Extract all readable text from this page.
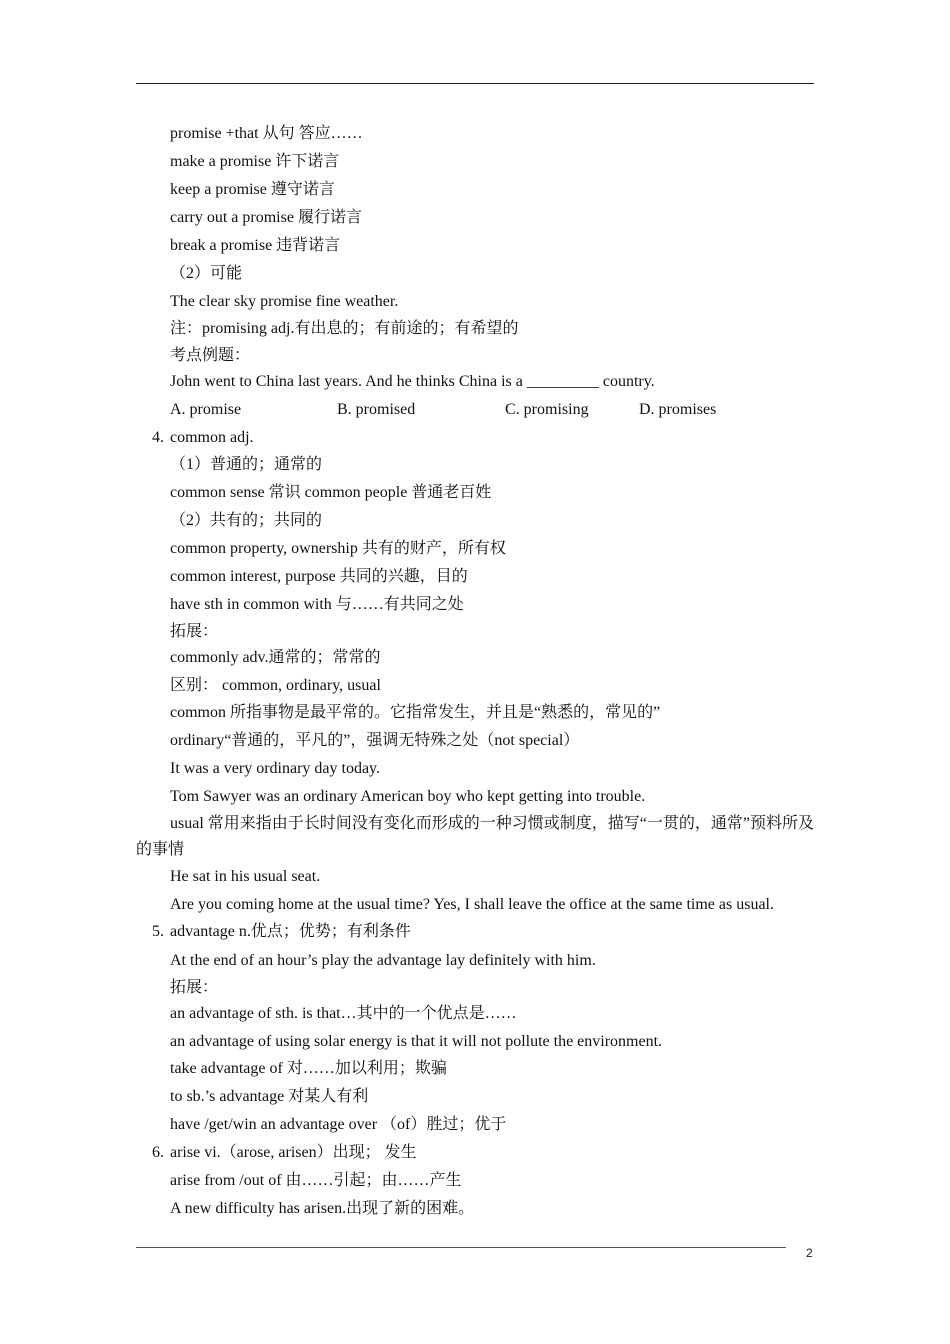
promise +that 从句 答应……
make a promise 许下诺言
keep a promise 遵守诺言
carry out a promise 履行诺言
break a promise 违背诺言
（2）可能
The clear sky promise fine weather.
注：promising adj.有出息的；有前途的；有希望的
考点例题：
John went to China last years. And he thinks China is a _________ country.
A. promise	B. promised	C. promising	D. promises
4. common adj.
（1）普通的；通常的
common sense 常识 common people 普通老百姓
（2）共有的；共同的
common property, ownership 共有的财产，所有权
common interest, purpose 共同的兴趣，目的
have sth in common with 与……有共同之处
拓展：
commonly adv.通常的；常常的
区别： common, ordinary, usual
common 所指事物是最平常的。它指常发生，并且是“熟悉的，常见的”
ordinary“普通的，平凡的”，强调无特殊之处（not special）
It was a very ordinary day today.
Tom Sawyer was an ordinary American boy who kept getting into trouble.
usual 常用来指由于长时间没有变化而形成的一种习惯或制度，描写“一贯的，通常”预料所及的事情
He sat in his usual seat.
Are you coming home at the usual time? Yes, I shall leave the office at the same time as usual.
5. advantage n.优点；优势；有利条件
At the end of an hour’s play the advantage lay definitely with him.
拓展：
an advantage of sth. is that…其中的一个优点是……
an advantage of using solar energy is that it will not pollute the environment.
take advantage of 对……加以利用；欺骗
to sb.’s advantage 对某人有利
have /get/win an advantage over （of）胜过；优于
6. arise vi.（arose, arisen）出现； 发生
arise from /out of 由……引起；由……产生
A new difficulty has arisen.出现了新的困难。
2
